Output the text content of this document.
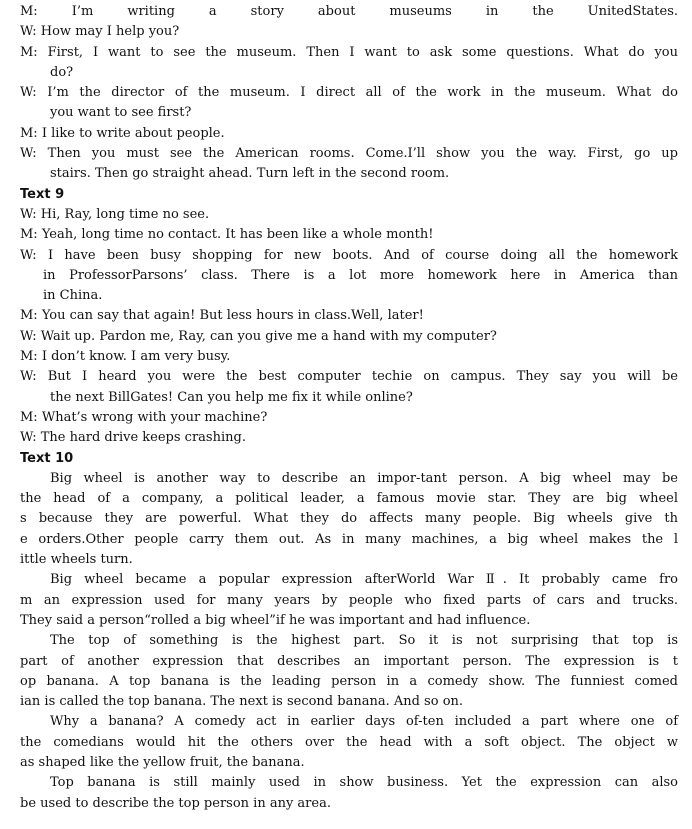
M:	I’m writing a story about museums in the UnitedStates.

W: How may I help you?

M: First, I want to see the museum. Then I want to ask some questions. What do you

do?

W: I’m the director of the museum. I direct all of the work in the museum. What do

you want to see first?

M: I like to write about people.

W: Then you must see the American rooms. Come.I’ll show you the way. First, go up

stairs. Then go straight ahead. Turn left in the second room.

Text 9

W: Hi, Ray, long time no see.

M: Yeah, long time no contact. It has been like a whole month!

W: I have been busy shopping for new boots. And of course doing all the homework

in ProfessorParsons’ class. There is a lot more homework here in America than

in China.

M: You can say that again! But less hours in class.Well, later!

W: Wait up. Pardon me, Ray, can you give me a hand with my computer?

M: I don’t know. I am very busy.

W: But I heard you were the best computer techie on campus. They say you will be

the next BillGates! Can you help me fix it while online?

M: What’s wrong with your machine?

W: The hard drive keeps crashing.

Text 10

Big wheel is another way to describe an impor-tant person. A big wheel may be

the head of a company, a political leader, a famous movie star. They are big wheel

s because they are powerful. What they do affects many people. Big wheels give th

e orders.Other people carry them out. As in many machines, a big wheel makes the l

ittle wheels turn.

Big wheel became a popular expression afterWorld War Ⅱ. It probably came fro

m an expression used for many years by people who fixed parts of cars and trucks.

They said a person“rolled a big wheel”if he was important and had influence.

The top of something is the highest part. So it is not surprising that top is

part of another expression that describes an important person. The expression is t

op banana. A top banana is the leading person in a comedy show. The funniest comed

ian is called the top banana. The next is second banana. And so on.

Why a banana? A comedy act in earlier days of-ten included a part where one of

the comedians would hit the others over the head with a soft object. The object w

as shaped like the yellow fruit, the banana.

Top banana is still mainly used in show business. Yet the expression can also

be used to describe the top person in any area.
